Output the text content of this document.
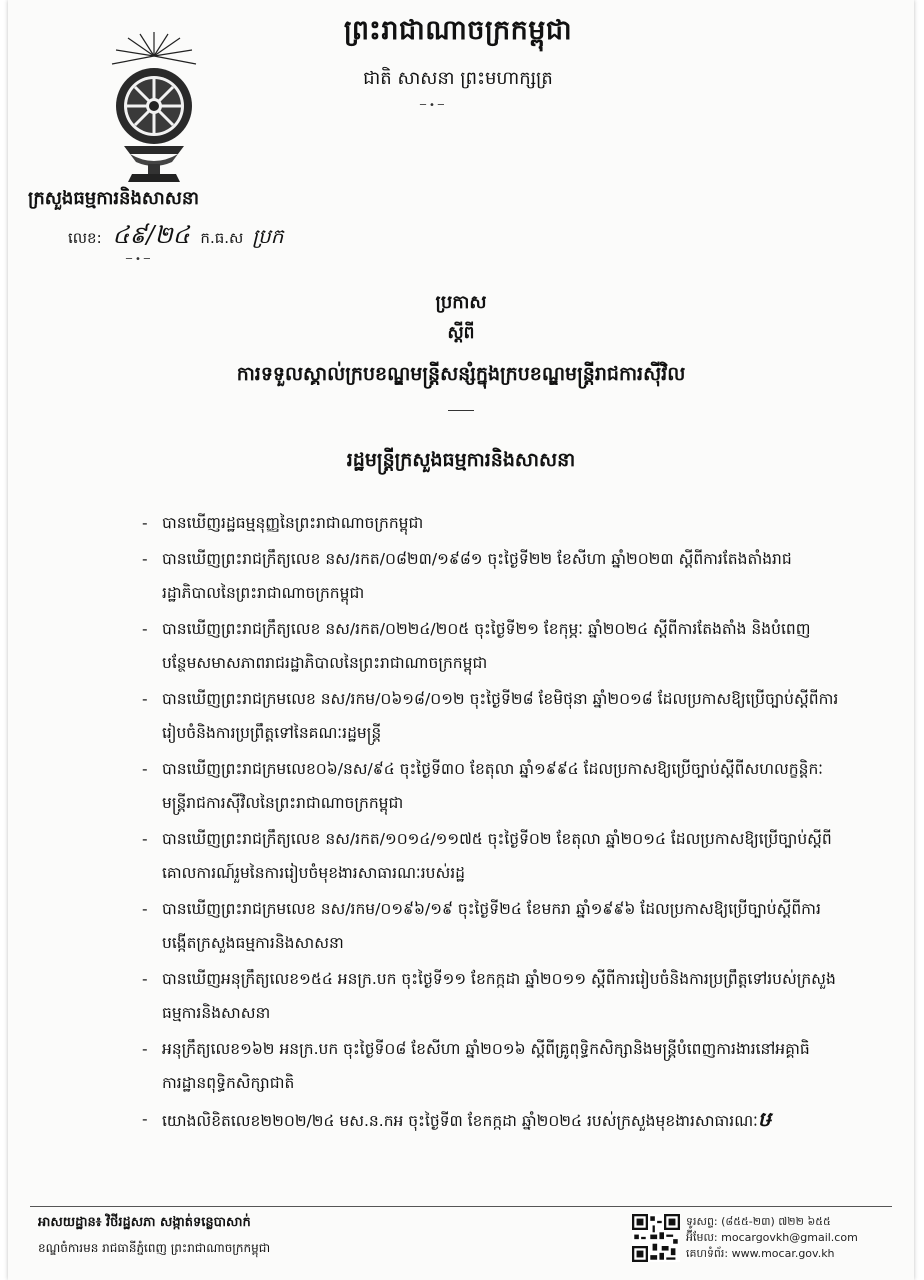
ព្រះរាជាណាចក្រកម្ពុជា
ជាតិ សាសនា ព្រះមហាក្សត្រ
─•─
ក្រសួងធម្មការនិងសាសនា
លេខ: ៤៩/២៤ ក.ធ.ស ប្រក
─•─
ប្រកាស
ស្តីពី
ការទទួលស្គាល់ក្របខណ្ឌមន្ត្រីសន្សំក្នុងក្របខណ្ឌមន្ត្រីរាជការស៊ីវិល
រដ្ឋមន្ត្រីក្រសួងធម្មការនិងសាសនា
- បានឃើញរដ្ឋធម្មនុញ្ញនៃព្រះរាជាណាចក្រកម្ពុជា
- បានឃើញព្រះរាជក្រឹត្យលេខ នស/រកត/០៨២៣/១៩៨១ ចុះថ្ងៃទី២២ ខែសីហា ឆ្នាំ២០២៣ ស្តីពីការតែងតាំងរាជរដ្ឋាភិបាលនៃព្រះរាជាណាចក្រកម្ពុជា
- បានឃើញព្រះរាជក្រឹត្យលេខ នស/រកត/០២២៤/២០៥ ចុះថ្ងៃទី២១ ខែកុម្ភៈ ឆ្នាំ២០២៤ ស្តីពីការតែងតាំង និងបំពេញបន្ថែមសមាសភាពរាជរដ្ឋាភិបាលនៃព្រះរាជាណាចក្រកម្ពុជា
- បានឃើញព្រះរាជក្រមលេខ នស/រកម/០៦១៨/០១២ ចុះថ្ងៃទី២៨ ខែមិថុនា ឆ្នាំ២០១៨ ដែលប្រកាសឱ្យប្រើច្បាប់ស្តីពីការរៀបចំនិងការប្រព្រឹត្តទៅនៃគណៈរដ្ឋមន្ត្រី
- បានឃើញព្រះរាជក្រមលេខ០៦/នស/៩៤ ចុះថ្ងៃទី៣០ ខែតុលា ឆ្នាំ១៩៩៤ ដែលប្រកាសឱ្យប្រើច្បាប់ស្តីពីសហលក្ខន្តិកៈមន្ត្រីរាជការស៊ីវិលនៃព្រះរាជាណាចក្រកម្ពុជា
- បានឃើញព្រះរាជក្រឹត្យលេខ នស/រកត/១០១៤/១១៧៥ ចុះថ្ងៃទី០២ ខែតុលា ឆ្នាំ២០១៤ ដែលប្រកាសឱ្យប្រើច្បាប់ស្តីពីគោលការណ៍រួមនៃការរៀបចំមុខងារសាធារណៈរបស់រដ្ឋ
- បានឃើញព្រះរាជក្រមលេខ នស/រកម/០១៩៦/១៩ ចុះថ្ងៃទី២៤ ខែមករា ឆ្នាំ១៩៩៦ ដែលប្រកាសឱ្យប្រើច្បាប់ស្តីពីការបង្កើតក្រសួងធម្មការនិងសាសនា
- បានឃើញអនុក្រឹត្យលេខ១៥៤ អនក្រ.បក ចុះថ្ងៃទី១១ ខែកក្កដា ឆ្នាំ២០១១ ស្តីពីការរៀបចំនិងការប្រព្រឹត្តទៅរបស់ក្រសួងធម្មការនិងសាសនា
- អនុក្រឹត្យលេខ១៦២ អនក្រ.បក ចុះថ្ងៃទី០៨ ខែសីហា ឆ្នាំ២០១៦ ស្តីពីគ្រូពុទ្ធិកសិក្សានិងមន្ត្រីបំពេញការងារនៅអគ្គាធិការដ្ឋានពុទ្ធិកសិក្សាជាតិ
- យោងលិខិតលេខ២២០២/២៤ មស.ន.កអ ចុះថ្ងៃទី៣ ខែកក្កដា ឆ្នាំ២០២៤ របស់ក្រសួងមុខងារសាធារណៈឞ
អាសយដ្ឋាន៖ វិថីរដ្ឋសភា សង្កាត់ទន្លេបាសាក់
ខណ្ឌចំការមន រាជធានីភ្នំពេញ ព្រះរាជាណាចក្រកម្ពុជា
ទូរសព្ទ: (៨៥៥-២៣) ៧២២ ៦៥៥
អ៊ីមែល: mocargovkh@gmail.com
គេហទំព័រ: www.mocar.gov.kh
